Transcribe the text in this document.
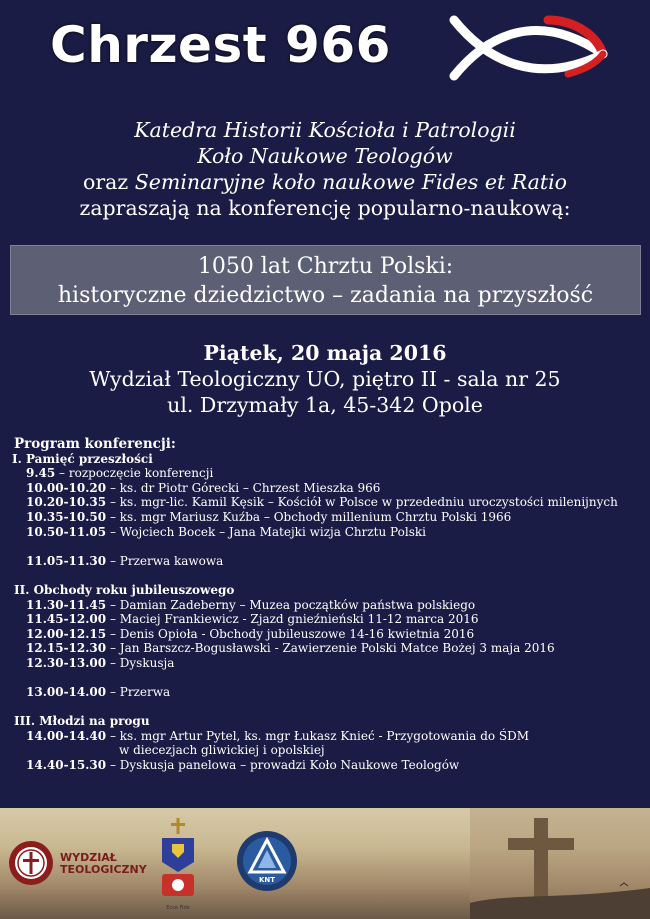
Chrzest 966
Katedra Historii Kościoła i Patrologii
Koło Naukowe Teologów
oraz Seminaryjne koło naukowe Fides et Ratio
zapraszają na konferencję popularno-naukową:
1050 lat Chrztu Polski:
historyczne dziedzictwo – zadania na przyszłość
Piątek, 20 maja 2016
Wydział Teologiczny UO, piętro II - sala nr 25
ul. Drzymały 1a, 45-342 Opole
Program konferencji:
I. Pamięć przeszłości
9.45 – rozpoczęcie konferencji
10.00-10.20 – ks. dr Piotr Górecki – Chrzest Mieszka 966
10.20-10.35 – ks. mgr-lic. Kamil Kęsik – Kościół w Polsce w przededniu uroczystości milenijnych
10.35-10.50 – ks. mgr Mariusz Kuźba – Obchody millenium Chrztu Polski 1966
10.50-11.05 – Wojciech Bocek – Jana Matejki wizja Chrztu Polski
11.05-11.30 – Przerwa kawowa
II. Obchody roku jubileuszowego
11.30-11.45 – Damian Zadeberny – Muzea początków państwa polskiego
11.45-12.00 – Maciej Frankiewicz - Zjazd gnieźnieński 11-12 marca 2016
12.00-12.15 – Denis Opioła - Obchody jubileuszowe 14-16 kwietnia 2016
12.15-12.30 – Jan Barszcz-Bogusławski - Zawierzenie Polski Matce Bożej 3 maja 2016
12.30-13.00 – Dyskusja
13.00-14.00 – Przerwa
III. Młodzi na progu
14.00-14.40 – ks. mgr Artur Pytel, ks. mgr Łukasz Knieć - Przygotowania do ŚDM
w diecezjach gliwickiej i opolskiej
14.40-15.30 – Dyskusja panelowa – prowadzi Koło Naukowe Teologów
WYDZIAŁ
TEOLOGICZNY
Ecce Fide
KNT
